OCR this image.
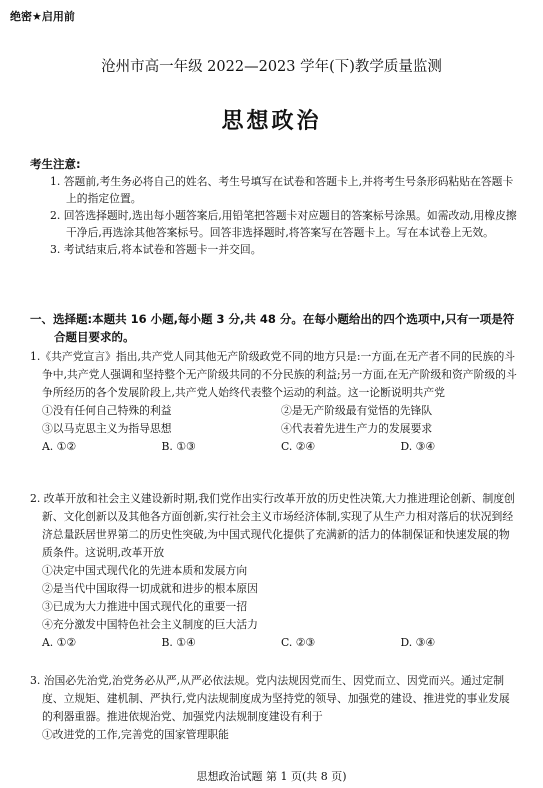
绝密★启用前
沧州市高一年级 2022—2023 学年(下)教学质量监测
思想政治
考生注意:

1. 答题前,考生务必将自己的姓名、考生号填写在试卷和答题卡上,并将考生号条形码粘贴在答题卡上的指定位置。

2. 回答选择题时,选出每小题答案后,用铅笔把答题卡对应题目的答案标号涂黑。如需改动,用橡皮擦干净后,再选涂其他答案标号。回答非选择题时,将答案写在答题卡上。写在本试卷上无效。

3. 考试结束后,将本试卷和答题卡一并交回。

一、选择题:本题共 16 小题,每小题 3 分,共 48 分。在每小题给出的四个选项中,只有一项是符合题目要求的。

1.《共产党宣言》指出,共产党人同其他无产阶级政党不同的地方只是:一方面,在无产者不同的民族的斗争中,共产党人强调和坚持整个无产阶级共同的不分民族的利益;另一方面,在无产阶级和资产阶级的斗争所经历的各个发展阶段上,共产党人始终代表整个运动的利益。这一论断说明共产党

①没有任何自己特殊的利益	②是无产阶级最有觉悟的先锋队
③以马克思主义为指导思想	④代表着先进生产力的发展要求
A. ①②	B. ①③	C. ②④	D. ③④

2. 改革开放和社会主义建设新时期,我们党作出实行改革开放的历史性决策,大力推进理论创新、制度创新、文化创新以及其他各方面创新,实行社会主义市场经济体制,实现了从生产力相对落后的状况到经济总量跃居世界第二的历史性突破,为中国式现代化提供了充满新的活力的体制保证和快速发展的物质条件。这说明,改革开放

①决定中国式现代化的先进本质和发展方向

②是当代中国取得一切成就和进步的根本原因

③已成为大力推进中国式现代化的重要一招

④充分激发中国特色社会主义制度的巨大活力

A. ①②	B. ①④	C. ②③	D. ③④

3. 治国必先治党,治党务必从严,从严必依法规。党内法规因党而生、因党而立、因党而兴。通过定制度、立规矩、建机制、严执行,党内法规制度成为坚持党的领导、加强党的建设、推进党的事业发展的利器重器。推进依规治党、加强党内法规制度建设有利于

①改进党的工作,完善党的国家管理职能

思想政治试题 第 1 页(共 8 页)
